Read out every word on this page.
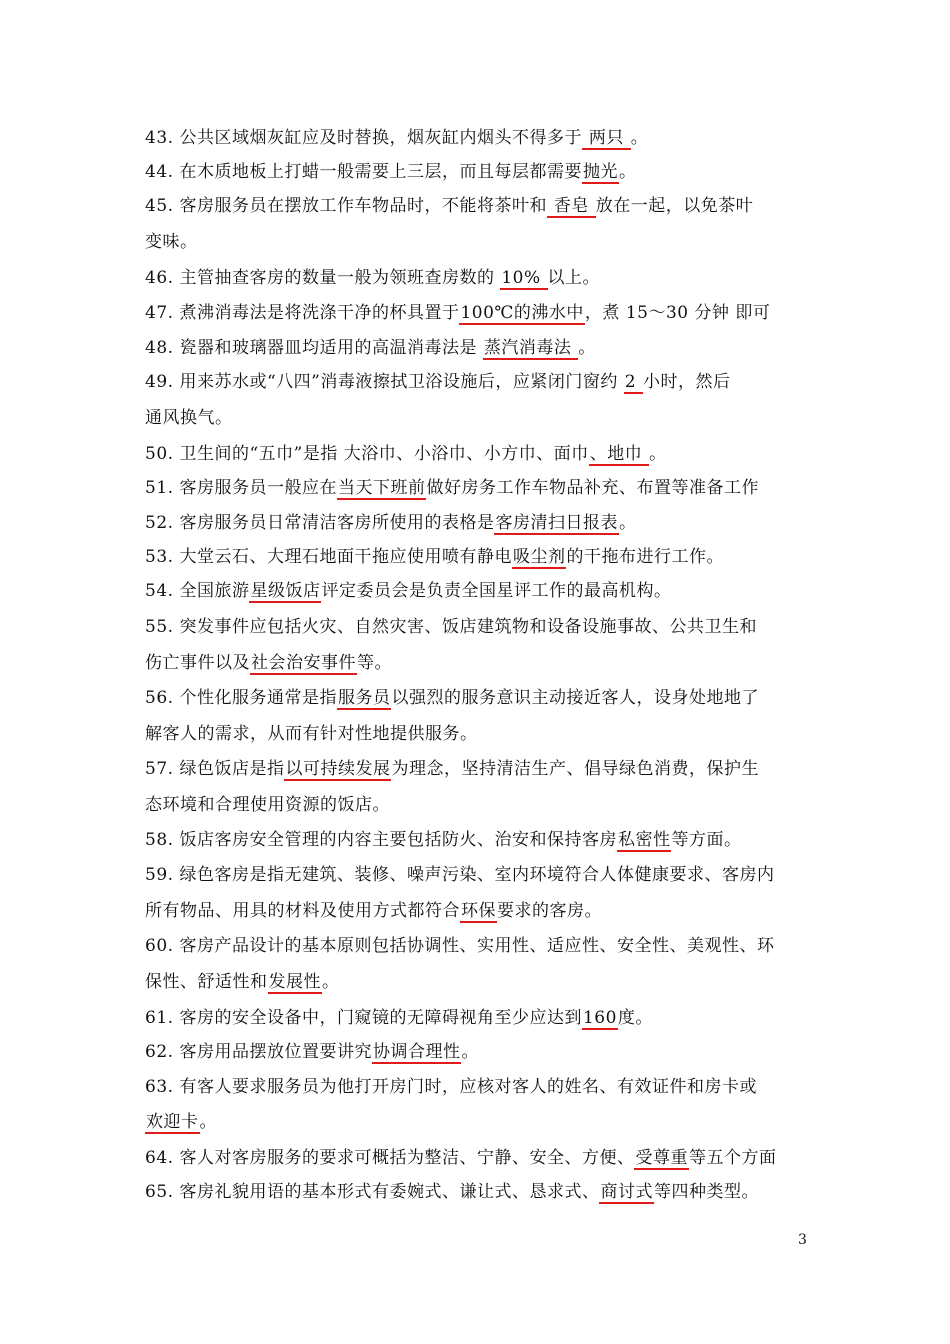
43. 公共区域烟灰缸应及时替换，烟灰缸内烟头不得多于 两只 。
44. 在木质地板上打蜡一般需要上三层，而且每层都需要抛光。
45. 客房服务员在摆放工作车物品时，不能将茶叶和 香皂 放在一起，以免茶叶
变味。
46. 主管抽查客房的数量一般为领班查房数的 10% 以上。
47. 煮沸消毒法是将洗涤干净的杯具置于100℃的沸水中，煮 15～30 分钟 即可
48. 瓷器和玻璃器皿均适用的高温消毒法是 蒸汽消毒法 。
49. 用来苏水或“八四”消毒液擦拭卫浴设施后，应紧闭门窗约 2 小时，然后
通风换气。
50. 卫生间的“五巾”是指 大浴巾、小浴巾、小方巾、面巾、地巾 。
51. 客房服务员一般应在当天下班前做好房务工作车物品补充、布置等准备工作
52. 客房服务员日常清洁客房所使用的表格是客房清扫日报表。
53. 大堂云石、大理石地面干拖应使用喷有静电吸尘剂的干拖布进行工作。
54. 全国旅游星级饭店评定委员会是负责全国星评工作的最高机构。
55. 突发事件应包括火灾、自然灾害、饭店建筑物和设备设施事故、公共卫生和
伤亡事件以及社会治安事件等。
56. 个性化服务通常是指服务员以强烈的服务意识主动接近客人，设身处地地了
解客人的需求，从而有针对性地提供服务。
57. 绿色饭店是指以可持续发展为理念，坚持清洁生产、倡导绿色消费，保护生
态环境和合理使用资源的饭店。
58. 饭店客房安全管理的内容主要包括防火、治安和保持客房私密性等方面。
59. 绿色客房是指无建筑、装修、噪声污染、室内环境符合人体健康要求、客房内
所有物品、用具的材料及使用方式都符合环保要求的客房。
60. 客房产品设计的基本原则包括协调性、实用性、适应性、安全性、美观性、环
保性、舒适性和发展性。
61. 客房的安全设备中，门窥镜的无障碍视角至少应达到160度。
62. 客房用品摆放位置要讲究协调合理性。
63. 有客人要求服务员为他打开房门时，应核对客人的姓名、有效证件和房卡或
欢迎卡。
64. 客人对客房服务的要求可概括为整洁、宁静、安全、方便、受尊重等五个方面
65. 客房礼貌用语的基本形式有委婉式、谦让式、恳求式、商讨式等四种类型。
3
